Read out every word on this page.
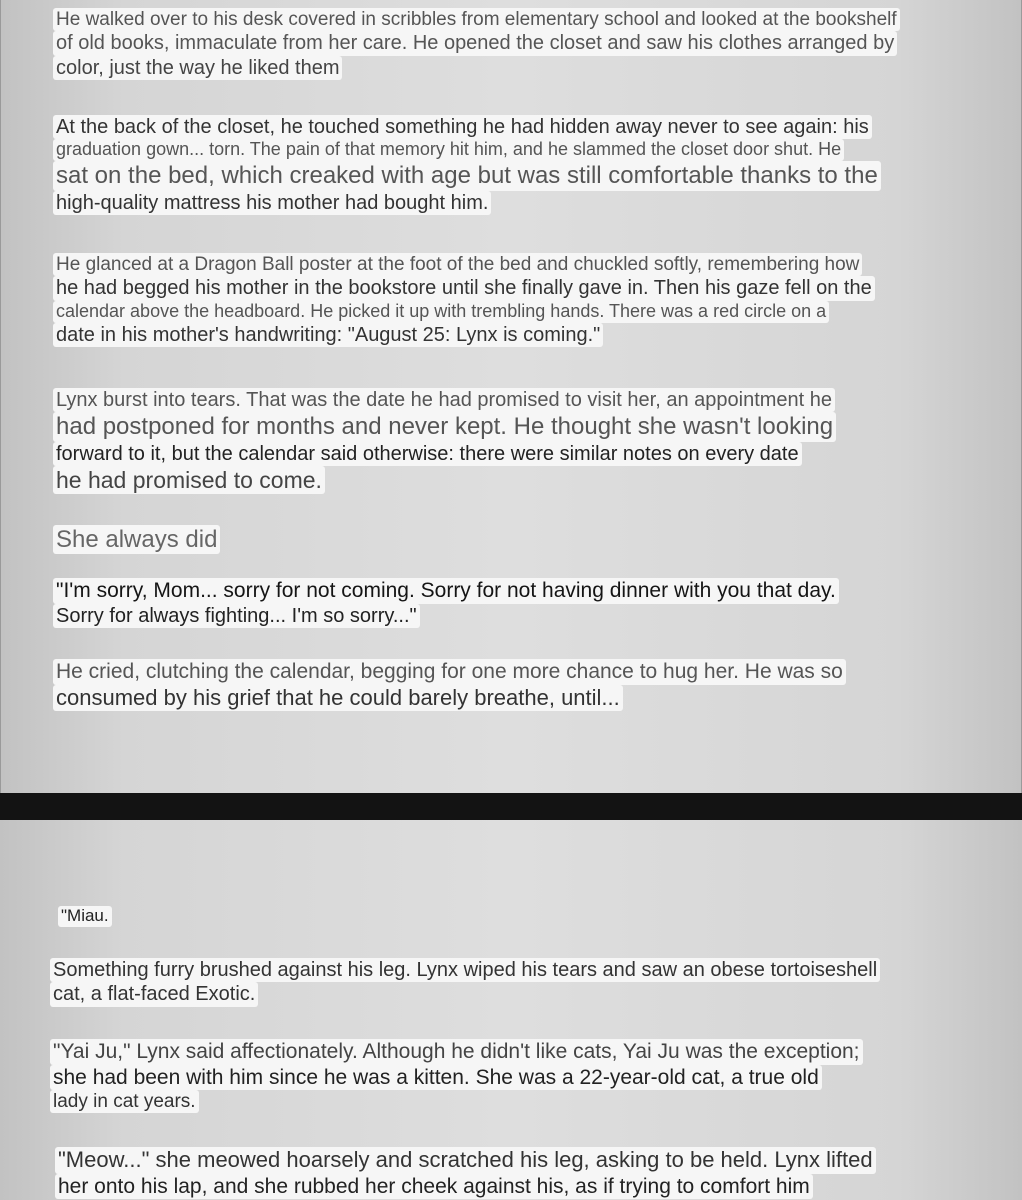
He walked over to his desk covered in scribbles from elementary school and looked at the bookshelf
of old books, immaculate from her care. He opened the closet and saw his clothes arranged by
color, just the way he liked them
At the back of the closet, he touched something he had hidden away never to see again: his
graduation gown... torn. The pain of that memory hit him, and he slammed the closet door shut. He
sat on the bed, which creaked with age but was still comfortable thanks to the
high-quality mattress his mother had bought him.
He glanced at a Dragon Ball poster at the foot of the bed and chuckled softly, remembering how
he had begged his mother in the bookstore until she finally gave in. Then his gaze fell on the
calendar above the headboard. He picked it up with trembling hands. There was a red circle on a
date in his mother's handwriting: "August 25: Lynx is coming."
Lynx burst into tears. That was the date he had promised to visit her, an appointment he
had postponed for months and never kept. He thought she wasn't looking
forward to it, but the calendar said otherwise: there were similar notes on every date
he had promised to come.
She always did
"I'm sorry, Mom... sorry for not coming. Sorry for not having dinner with you that day.
Sorry for always fighting... I'm so sorry..."
He cried, clutching the calendar, begging for one more chance to hug her. He was so
consumed by his grief that he could barely breathe, until...
"Miau.
Something furry brushed against his leg. Lynx wiped his tears and saw an obese tortoiseshell
cat, a flat-faced Exotic.
"Yai Ju," Lynx said affectionately. Although he didn't like cats, Yai Ju was the exception;
she had been with him since he was a kitten. She was a 22-year-old cat, a true old
lady in cat years.
"Meow..." she meowed hoarsely and scratched his leg, asking to be held. Lynx lifted
her onto his lap, and she rubbed her cheek against his, as if trying to comfort him
